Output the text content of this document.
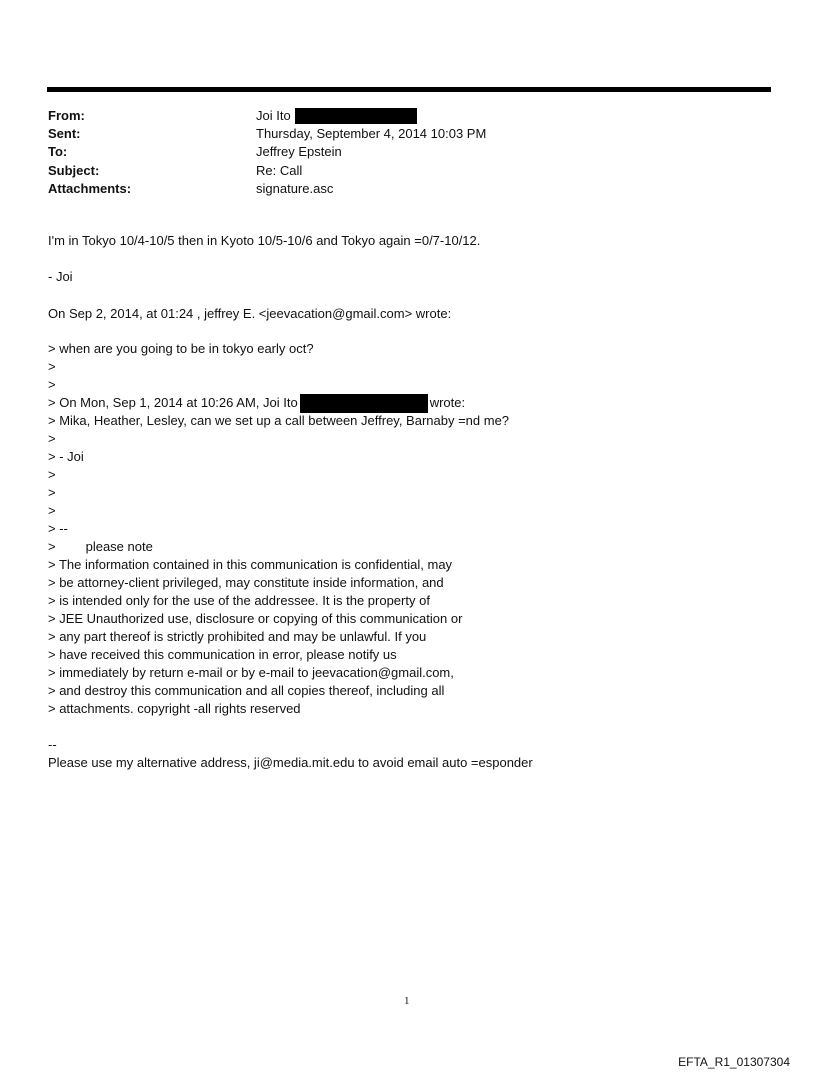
From:	Joi Ito
Sent:	Thursday, September 4, 2014 10:03 PM
To:	Jeffrey Epstein
Subject:	Re: Call
Attachments:	signature.asc
I'm in Tokyo 10/4-10/5 then in Kyoto 10/5-10/6 and Tokyo again =0/7-10/12.
- Joi
On Sep 2, 2014, at 01:24 , jeffrey E. <jeevacation@gmail.com> wrote:
> when are you going to be in tokyo early oct?
>
>
> On Mon, Sep 1, 2014 at 10:26 AM, Joi Ito	wrote:
> Mika, Heather, Lesley, can we set up a call between Jeffrey, Barnaby =nd me?
>
> - Joi
>
>
>
> --
> please note
> The information contained in this communication is confidential, may
> be attorney-client privileged, may constitute inside information, and
> is intended only for the use of the addressee. It is the property of
> JEE Unauthorized use, disclosure or copying of this communication or
> any part thereof is strictly prohibited and may be unlawful. If you
> have received this communication in error, please notify us
> immediately by return e-mail or by e-mail to jeevacation@gmail.com,
> and destroy this communication and all copies thereof, including all
> attachments. copyright -all rights reserved
--
Please use my alternative address, ji@media.mit.edu to avoid email auto =esponder
1
EFTA_R1_01307304
